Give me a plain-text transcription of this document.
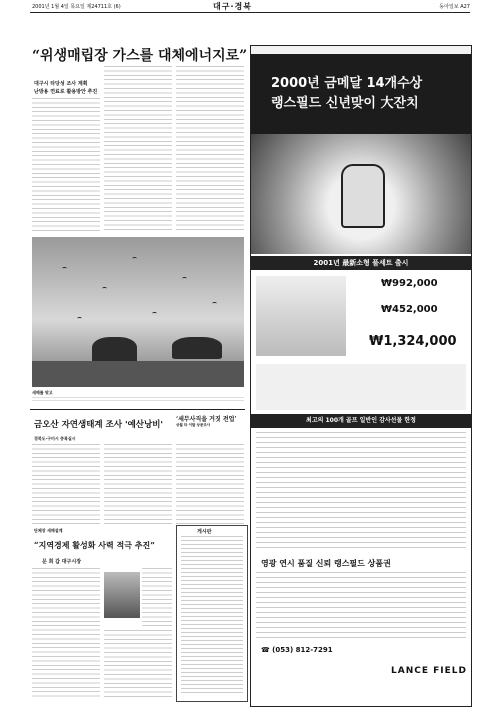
2001년 1월 4일 목요일 제24711호 (6)	대구·경북	동아일보 A27
“위생매립장 가스를 대체에너지로”
대구시 타당성 조사 계획
난방용 연료로 활용방안 추진
새해를 맞고
금오산 자연생태계 조사 '예산낭비'
경북도·구미시 중복실시
‘세무사직을 거짓 전업’
상월 타 이탈 상문조사
게시판
단체장 새해설계
“지역경제 활성화 사력 적극 추진”
문 희 갑 대구시장
2000년 금메달 14개수상
랭스필드 신년맞이 大잔치
2001년 最新소형 풀세트 출시
₩992,000
₩452,000
₩1,324,000
최고의 100개 골프 일반인 감사선물 한정
영광 연시 품질 신뢰 랭스필드 상품권
☎ (053) 812-7291
LANCE FIELD
